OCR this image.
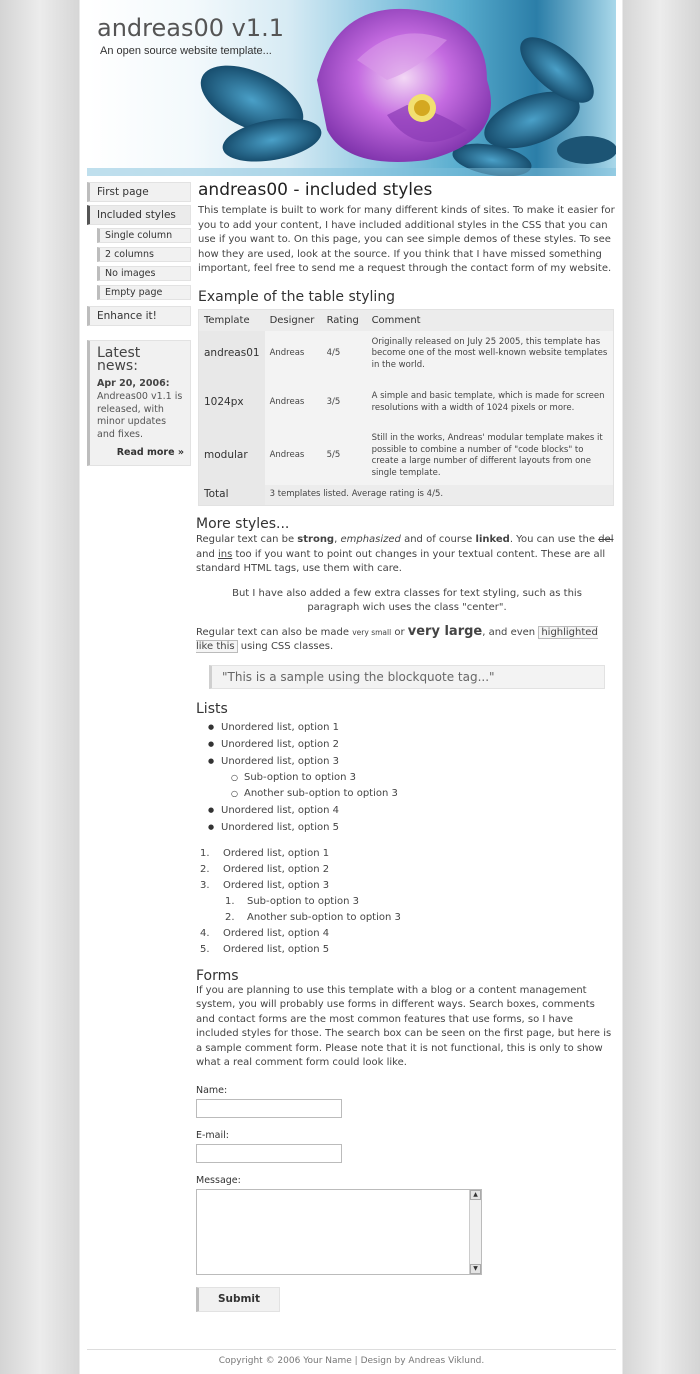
andreas00 v1.1
An open source website template...
First page
Included styles
Single column
2 columns
No images
Empty page
Enhance it!
Latest news:
Apr 20, 2006:
Andreas00 v1.1 is released, with minor updates and fixes.
Read more »
andreas00 - included styles

This template is built to work for many different kinds of sites. To make it easier for you to add your content, I have included additional styles in the CSS that you can use if you want to. On this page, you can see simple demos of these styles. To see how they are used, look at the source. If you think that I have missed something important, feel free to send me a request through the contact form of my website.

Example of the table styling
Template	Designer	Rating	Comment
andreas01	Andreas	4/5	Originally released on July 25 2005, this template has become one of the most well-known website templates in the world.
1024px	Andreas	3/5	A simple and basic template, which is made for screen resolutions with a width of 1024 pixels or more.
modular	Andreas	5/5	Still in the works, Andreas' modular template makes it possible to combine a number of "code blocks" to create a large number of different layouts from one single template.
Total	3 templates listed. Average rating is 4/5.		
More styles...

Regular text can be strong, emphasized and of course linked. You can use the del and ins too if you want to point out changes in your textual content. These are all standard HTML tags, use them with care.

But I have also added a few extra classes for text styling, such as this paragraph wich uses the class "center".

Regular text can also be made very small or very large, and even highlighted like this using CSS classes.

"This is a sample using the blockquote tag..."
Lists
● Unordered list, option 1
● Unordered list, option 2
● Unordered list, option 3
○ Sub-option to option 3
○ Another sub-option to option 3
● Unordered list, option 4
● Unordered list, option 5
1. Ordered list, option 1
2. Ordered list, option 2
3. Ordered list, option 3
1. Sub-option to option 3
2. Another sub-option to option 3
4. Ordered list, option 4
5. Ordered list, option 5
Forms

If you are planning to use this template with a blog or a content management system, you will probably use forms in different ways. Search boxes, comments and contact forms are the most common features that use forms, so I have included styles for those. The search box can be seen on the first page, but here is a sample comment form. Please note that it is not functional, this is only to show what a real comment form could look like.

Name:
E-mail:
Message:
▲
▼
Submit
Copyright © 2006 Your Name | Design by Andreas Viklund.
